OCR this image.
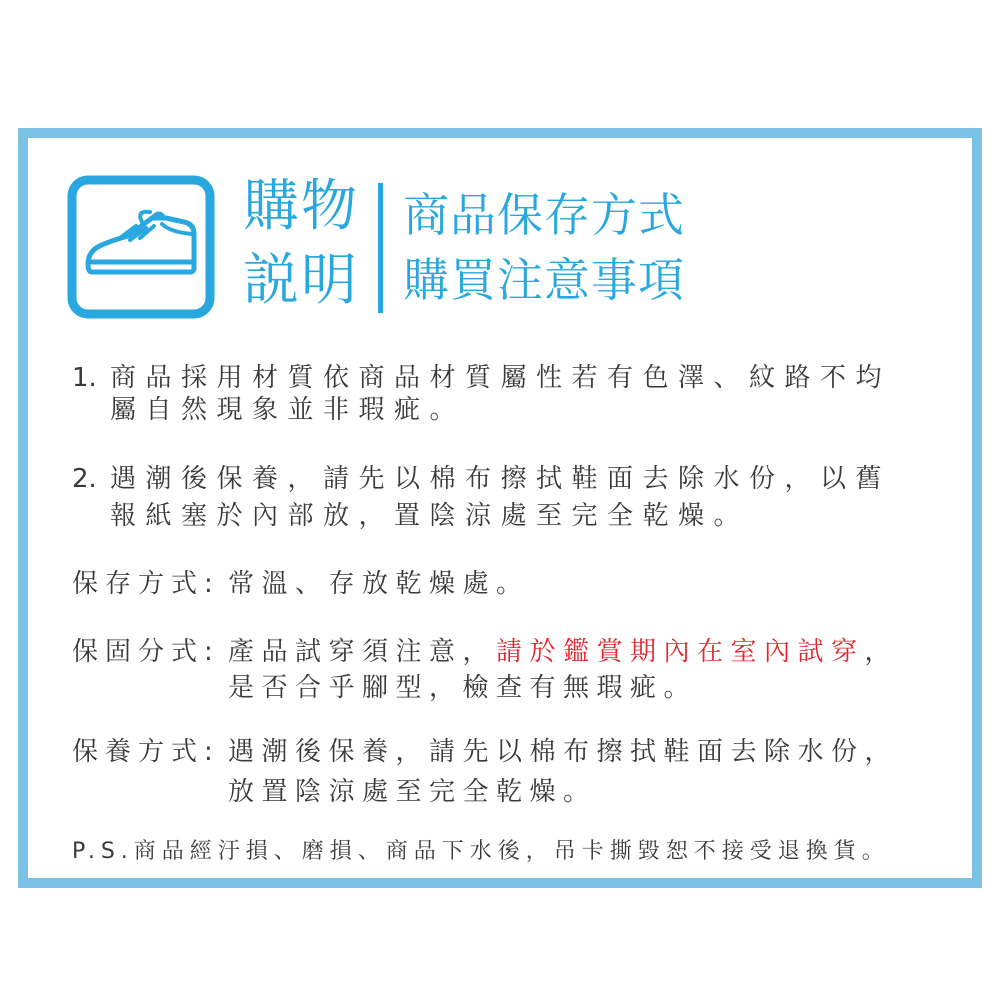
購物
説明
商品保存方式
購買注意事項
1. 商品採用材質依商品材質屬性若有色澤、紋路不均
屬自然現象並非瑕疵。
2. 遇潮後保養，請先以棉布擦拭鞋面去除水份，以舊
報紙塞於內部放，置陰涼處至完全乾燥。
保存方式: 常溫、存放乾燥處。
保固分式: 產品試穿須注意，請於鑑賞期內在室內試穿，
是否合乎腳型，檢查有無瑕疵。
保養方式: 遇潮後保養，請先以棉布擦拭鞋面去除水份，
放置陰涼處至完全乾燥。
P.S.商品經汙損、磨損、商品下水後，吊卡撕毀恕不接受退換貨。
